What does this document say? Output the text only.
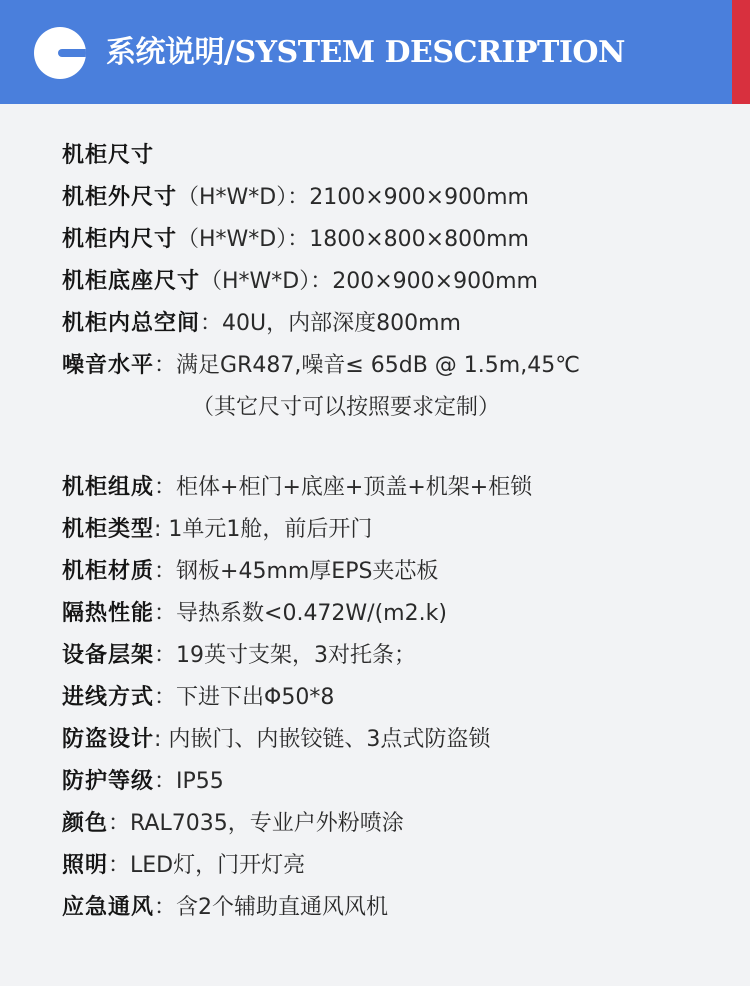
系统说明/SYSTEM DESCRIPTION
机柜尺寸
机柜外尺寸（H*W*D）：2100×900×900mm
机柜内尺寸（H*W*D）：1800×800×800mm
机柜底座尺寸（H*W*D）：200×900×900mm
机柜内总空间：40U，内部深度800mm
噪音水平：满足GR487,噪音≤ 65dB @ 1.5m,45℃
（其它尺寸可以按照要求定制）
机柜组成：柜体+柜门+底座+顶盖+机架+柜锁
机柜类型: 1单元1舱，前后开门
机柜材质：钢板+45mm厚EPS夹芯板
隔热性能：导热系数<0.472W/(m2.k)
设备层架：19英寸支架，3对托条；
进线方式：下进下出Φ50*8
防盗设计: 内嵌门、内嵌铰链、3点式防盗锁
防护等级：IP55
颜色：RAL7035，专业户外粉喷涂
照明：LED灯，门开灯亮
应急通风：含2个辅助直通风风机
